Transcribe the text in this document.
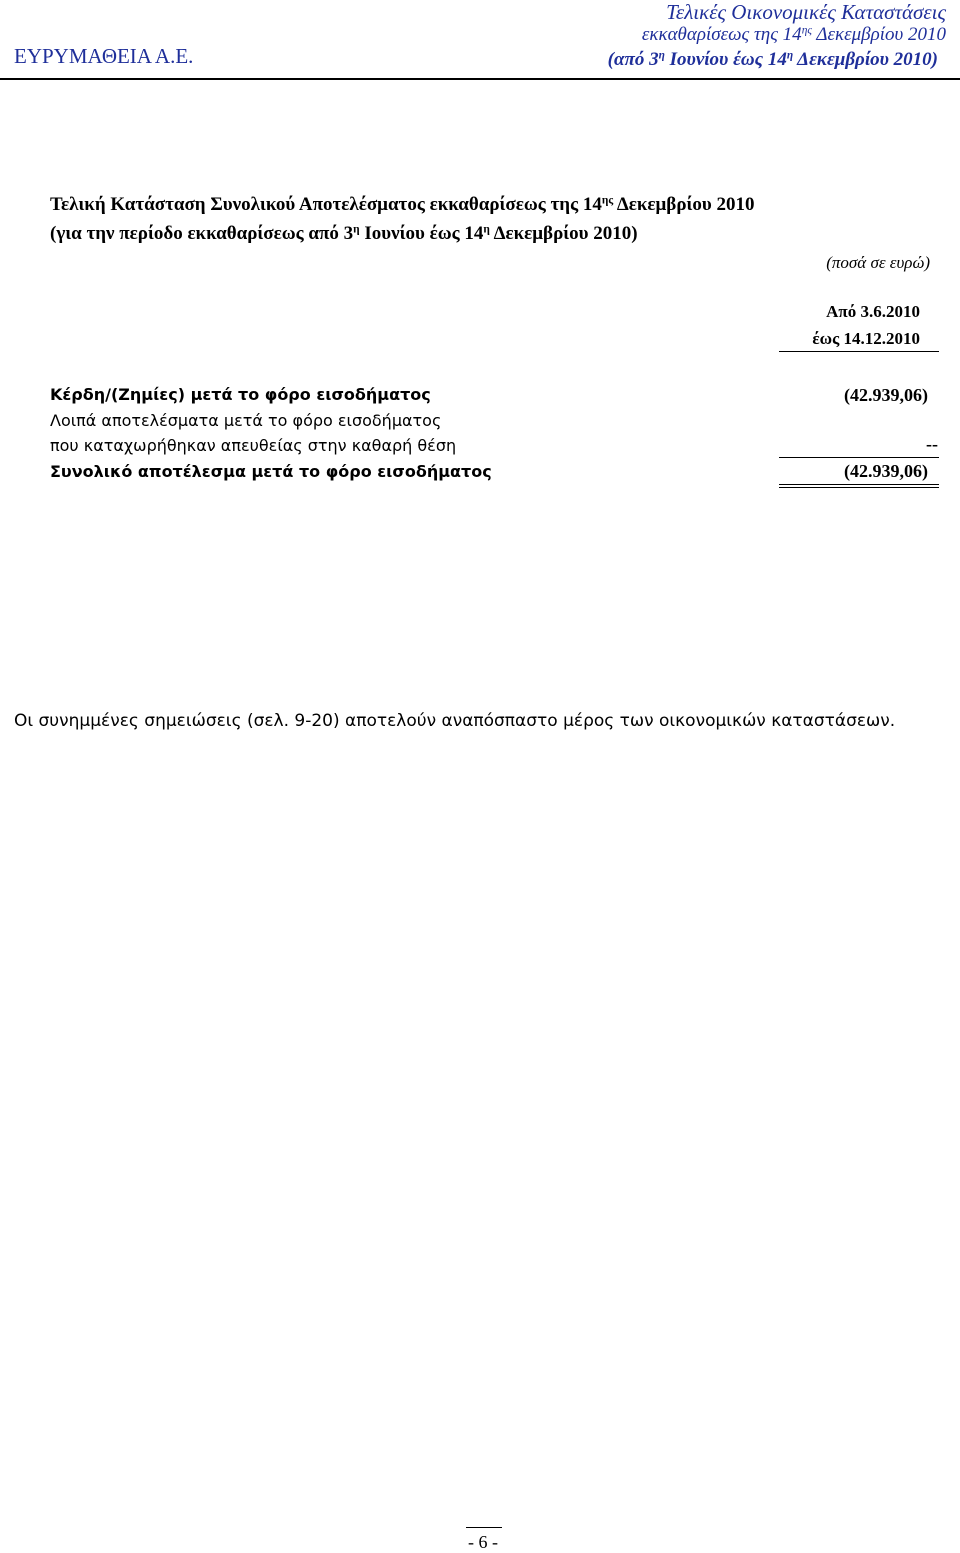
ΕΥΡΥΜΑΘΕΙΑ Α.Ε.
Τελικές Οικονομικές Καταστάσεις
εκκαθαρίσεως της $14^{\eta\varsigma}$ Δεκεμβρίου 2010
(από $3^\eta$ Ιουνίου έως $14^\eta$ Δεκεμβρίου 2010)
Τελική Κατάσταση Συνολικού Αποτελέσματος εκκαθαρίσεως της $14^{\eta\varsigma}$ Δεκεμβρίου 2010
(για την περίοδο εκκαθαρίσεως από $3^\eta$ Ιουνίου έως $14^\eta$ Δεκεμβρίου 2010)
(ποσά σε ευρώ)
Από 3.6.2010
έως 14.12.2010
Κέρδη/(Ζημίες) μετά το φόρο εισοδήματος	(42.939,06)
Λοιπά αποτελέσματα μετά το φόρο εισοδήματος
που καταχωρήθηκαν απευθείας στην καθαρή θέση	--
Συνολικό αποτέλεσμα μετά το φόρο εισοδήματος	(42.939,06)
Οι συνημμένες σημειώσεις (σελ. 9-20) αποτελούν αναπόσπαστο μέρος των οικονομικών καταστάσεων.
- 6 -
